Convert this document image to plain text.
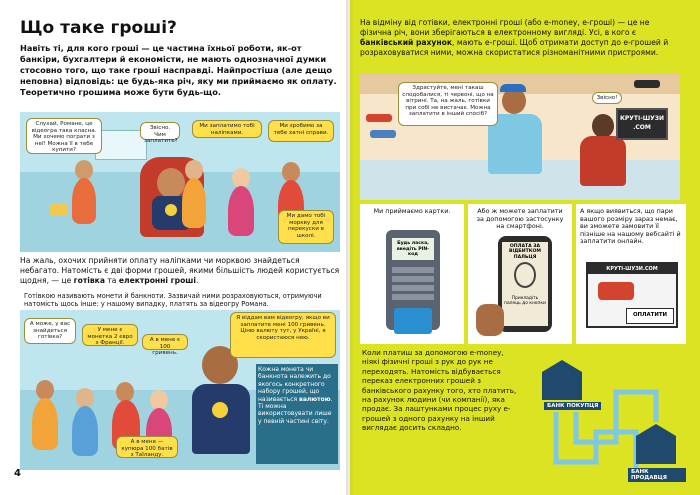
Що таке гроші?
Навіть ті, для кого гроші — це частина їхньої роботи, як-от банкіри, бухгалтери й економісти, не мають однозначної думки стосовно того, що таке гроші насправді. Найпростіша (але дещо неповна) відповідь: це будь-яка річ, яку ми приймаємо як оплату. Теоретично грошима може бути будь-що.
Слухай, Романе, це відеогра така класна. Ми хочемо пограти з неї! Можна її в тебе купити?
Звісно. Чим заплатите?
Ми заплатимо тобі наліпками.
Ми зробимо за тебе хатні справи.
Ми дамо тобі моркву для перекуски в школі.
На жаль, охочих прийняти оплату наліпками чи морквою знайдеться небагато. Натомість є дві форми грошей, якими більшість людей користується щодня, — це готівка та електронні гроші.
Готівкою називають монети й банкноти. Зазвичай ними розраховуються, отримуючи натомість щось інше: у нашому випадку, платять за відеогру Романа.
А може, у вас знайдеться готівка?
У мене є монетка 2 євро з Франції.	А в мене є 100 гривень.
Я віддам вам відеогру, якщо ви заплатите мені 100 гривень. Ціню валюту тут, у Україні, я скористаюся нею.
А в мене — купюра 100 батів з Таїланду.
Кожна монета чи банкнота належить до якогось конкретного набору грошей, що називається валютою. Ті можна використовувати лише у певній частині світу.
4
На відміну від готівки, електронні гроші (або е-money, е-гроші) — це не фізична річ, вони зберігаються в електронному вигляді. Усі, в кого є банківський рахунок, мають е-гроші. Щоб отримати доступ до е-грошей й розраховуватися ними, можна скористатися різноманітними пристроями.
КРУТІ-ШУЗИ
.COM
Здрастуйте, мені такаш сподобалися, ті червоні, що на вітрині. Та, на жаль, готівки при собі не вистачає. Можна заплатити в інший спосіб?
Звісно!
Ми приймаємо картки.
Будь ласка, введіть PIN-код
Або ж можете заплатити за допомогою застосунку на смартфоні.
ОПЛАТА ЗА ВІДБИТКОМ ПАЛЬЦЯ
Прикладіть палець до кнопки
А якщо виявиться, що пари вашого розміру зараз немає, ви зможете замовити її пізніше на нашому вебсайті й заплатити онлайн.
КРУТІ-ШУЗИ.COM
ОПЛАТИТИ
Коли платиш за допомогою е-money, ніякі фізичні гроші з рук до рук не переходять. Натомість відбувається переказ електронних грошей з банківського рахунку того, хто платить, на рахунок людини (чи компанії), яка продає. За лаштунками процес руху е-грошей з одного рахунку на інший виглядає досить складно.
БАНК ПОКУПЦЯ
БАНК ПРОДАВЦЯ
